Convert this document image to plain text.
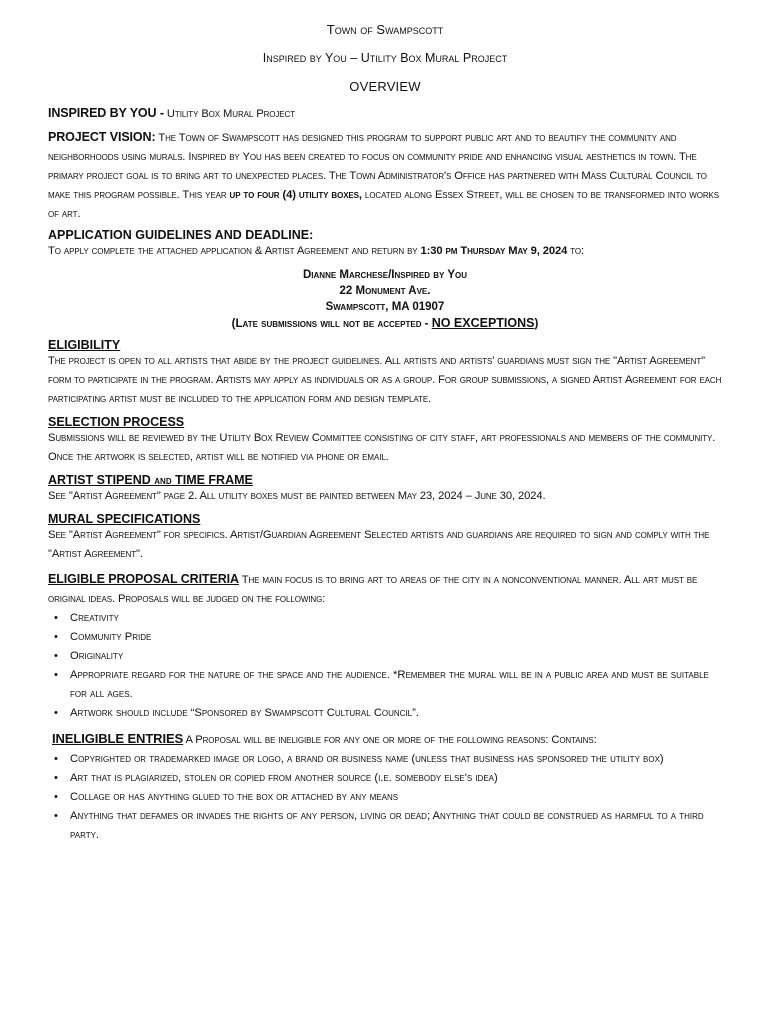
Town of Swampscott
Inspired by You – Utility Box Mural Project
OVERVIEW

INSPIRED BY YOU - Utility Box Mural Project

PROJECT VISION: The Town of Swampscott has designed this program to support public art and to beautify the community and neighborhoods using murals. Inspired by You has been created to focus on community pride and enhancing visual aesthetics in town. The primary project goal is to bring art to unexpected places. The Town Administrator's Office has partnered with Mass Cultural Council to make this program possible. This year up to four (4) utility boxes, located along Essex Street, will be chosen to be transformed into works of art.

APPLICATION GUIDELINES AND DEADLINE:

To apply complete the attached application & Artist Agreement and return by 1:30 pm Thursday May 9, 2024 to:

Dianne Marchese/Inspired by You
22 Monument Ave.
Swampscott, MA 01907
(Late submissions will not be accepted - NO EXCEPTIONS)
ELIGIBILITY

The project is open to all artists that abide by the project guidelines. All artists and artists' guardians must sign the "Artist Agreement" form to participate in the program. Artists may apply as individuals or as a group. For group submissions, a signed Artist Agreement for each participating artist must be included to the application form and design template.

SELECTION PROCESS

Submissions will be reviewed by the Utility Box Review Committee consisting of city staff, art professionals and members of the community. Once the artwork is selected, artist will be notified via phone or email.

ARTIST STIPEND and TIME FRAME

See "Artist Agreement" page 2. All utility boxes must be painted between May 23, 2024 – June 30, 2024.

MURAL SPECIFICATIONS

See "Artist Agreement" for specifics. Artist/Guardian Agreement Selected artists and guardians are required to sign and comply with the "Artist Agreement".

ELIGIBLE PROPOSAL CRITERIA The main focus is to bring art to areas of the city in a nonconventional manner. All art must be original ideas. Proposals will be judged on the following:

• Creativity
• Community Pride
• Originality
• Appropriate regard for the nature of the space and the audience. *Remember the mural will be in a public area and must be suitable for all ages.
• Artwork should include “Sponsored by Swampscott Cultural Council”.

INELIGIBLE ENTRIES A Proposal will be ineligible for any one or more of the following reasons: Contains:

• Copyrighted or trademarked image or logo, a brand or business name (unless that business has sponsored the utility box)
• Art that is plagiarized, stolen or copied from another source (i.e. somebody else's idea)
• Collage or has anything glued to the box or attached by any means
• Anything that defames or invades the rights of any person, living or dead; Anything that could be construed as harmful to a third party.
